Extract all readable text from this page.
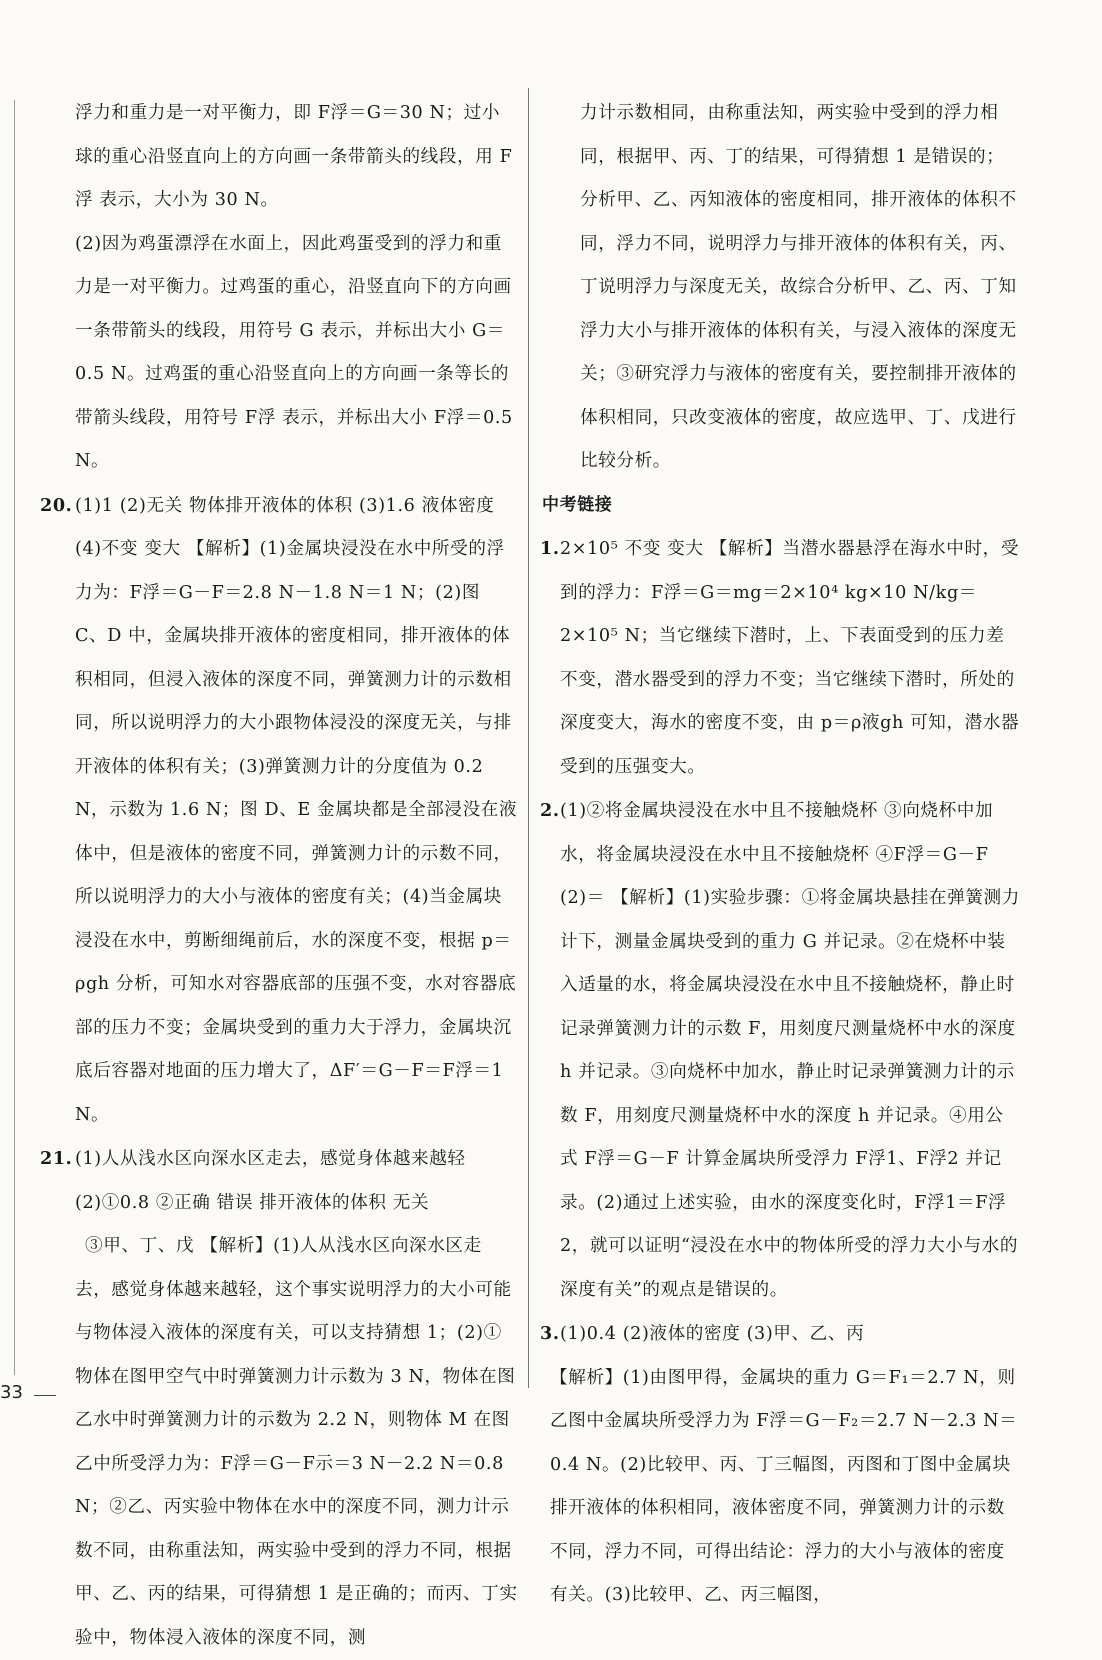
浮力和重力是一对平衡力，即 F浮＝G＝30 N；过小球的重心沿竖直向上的方向画一条带箭头的线段，用 F浮 表示，大小为 30 N。

(2)因为鸡蛋漂浮在水面上，因此鸡蛋受到的浮力和重力是一对平衡力。过鸡蛋的重心，沿竖直向下的方向画一条带箭头的线段，用符号 G 表示，并标出大小 G＝0.5 N。过鸡蛋的重心沿竖直向上的方向画一条等长的带箭头线段，用符号 F浮 表示，并标出大小 F浮＝0.5 N。

20. (1)1 (2)无关 物体排开液体的体积 (3)1.6 液体密度 (4)不变 变大 【解析】(1)金属块浸没在水中所受的浮力为：F浮＝G－F＝2.8 N－1.8 N＝1 N；(2)图 C、D 中，金属块排开液体的密度相同，排开液体的体积相同，但浸入液体的深度不同，弹簧测力计的示数相同，所以说明浮力的大小跟物体浸没的深度无关，与排开液体的体积有关；(3)弹簧测力计的分度值为 0.2 N，示数为 1.6 N；图 D、E 金属块都是全部浸没在液体中，但是液体的密度不同，弹簧测力计的示数不同，所以说明浮力的大小与液体的密度有关；(4)当金属块浸没在水中，剪断细绳前后，水的深度不变，根据 p＝ρgh 分析，可知水对容器底部的压强不变，水对容器底部的压力不变；金属块受到的重力大于浮力，金属块沉底后容器对地面的压力增大了，ΔF′＝G－F＝F浮＝1 N。

21. (1)人从浅水区向深水区走去，感觉身体越来越轻

(2)①0.8 ②正确 错误 排开液体的体积 无关

③甲、丁、戊 【解析】(1)人从浅水区向深水区走去，感觉身体越来越轻，这个事实说明浮力的大小可能与物体浸入液体的深度有关，可以支持猜想 1；(2)①物体在图甲空气中时弹簧测力计示数为 3 N，物体在图乙水中时弹簧测力计的示数为 2.2 N，则物体 M 在图乙中所受浮力为：F浮＝G－F示＝3 N－2.2 N＝0.8 N；②乙、丙实验中物体在水中的深度不同，测力计示数不同，由称重法知，两实验中受到的浮力不同，根据甲、乙、丙的结果，可得猜想 1 是正确的；而丙、丁实验中，物体浸入液体的深度不同，测

力计示数相同，由称重法知，两实验中受到的浮力相同，根据甲、丙、丁的结果，可得猜想 1 是错误的；分析甲、乙、丙知液体的密度相同，排开液体的体积不同，浮力不同，说明浮力与排开液体的体积有关，丙、丁说明浮力与深度无关，故综合分析甲、乙、丙、丁知浮力大小与排开液体的体积有关，与浸入液体的深度无关；③研究浮力与液体的密度有关，要控制排开液体的体积相同，只改变液体的密度，故应选甲、丁、戊进行比较分析。

中考链接

1.2×10⁵ 不变 变大 【解析】当潜水器悬浮在海水中时，受到的浮力：F浮＝G＝mg＝2×10⁴ kg×10 N/kg＝2×10⁵ N；当它继续下潜时，上、下表面受到的压力差不变，潜水器受到的浮力不变；当它继续下潜时，所处的深度变大，海水的密度不变，由 p＝ρ液gh 可知，潜水器受到的压强变大。

2.(1)②将金属块浸没在水中且不接触烧杯 ③向烧杯中加水，将金属块浸没在水中且不接触烧杯 ④F浮＝G－F (2)＝ 【解析】(1)实验步骤：①将金属块悬挂在弹簧测力计下，测量金属块受到的重力 G 并记录。②在烧杯中装入适量的水，将金属块浸没在水中且不接触烧杯，静止时记录弹簧测力计的示数 F，用刻度尺测量烧杯中水的深度 h 并记录。③向烧杯中加水，静止时记录弹簧测力计的示数 F，用刻度尺测量烧杯中水的深度 h 并记录。④用公式 F浮＝G－F 计算金属块所受浮力 F浮1、F浮2 并记录。(2)通过上述实验，由水的深度变化时，F浮1＝F浮2，就可以证明“浸没在水中的物体所受的浮力大小与水的深度有关”的观点是错误的。

3.(1)0.4 (2)液体的密度 (3)甲、乙、丙

【解析】(1)由图甲得，金属块的重力 G＝F₁＝2.7 N，则乙图中金属块所受浮力为 F浮＝G－F₂＝2.7 N－2.3 N＝0.4 N。(2)比较甲、丙、丁三幅图，丙图和丁图中金属块排开液体的体积相同，液体密度不同，弹簧测力计的示数不同，浮力不同，可得出结论：浮力的大小与液体的密度有关。(3)比较甲、乙、丙三幅图，

33
